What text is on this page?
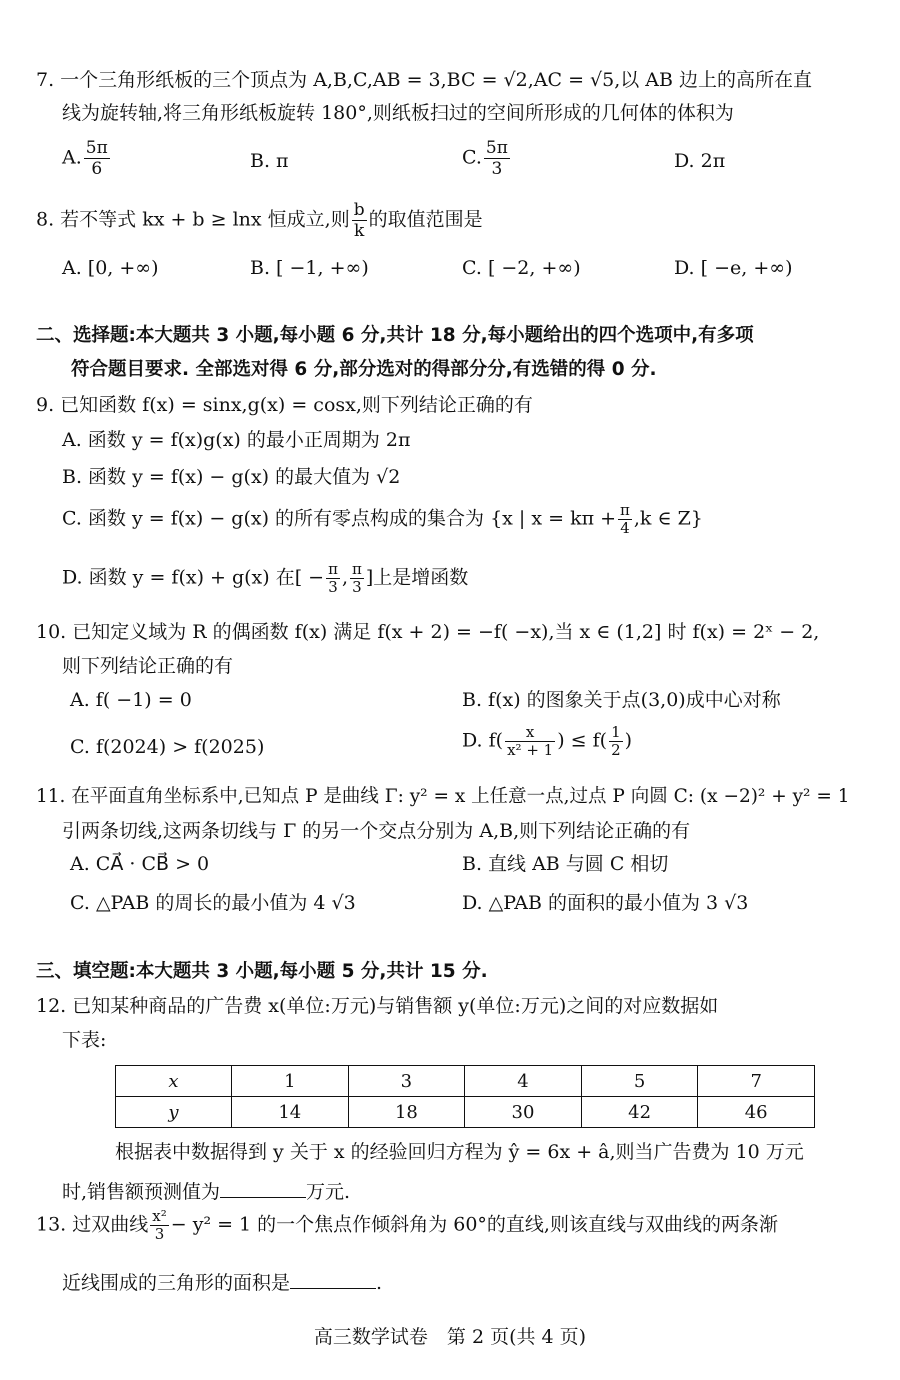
7. 一个三角形纸板的三个顶点为 A,B,C,AB = 3,BC = √2,AC = √5,以 AB 边上的高所在直
线为旋转轴,将三角形纸板旋转 180°,则纸板扫过的空间所形成的几何体的体积为
A. $\frac{5\pi}{6}$	B. π	C. $\frac{5\pi}{3}$	D. 2π
8. 若不等式 kx + b ≥ lnx 恒成立,则 $\frac{b}{k}$ 的取值范围是
A. [0, +∞)	B. [ −1, +∞)	C. [ −2, +∞)	D. [ −e, +∞)
二、选择题:本大题共 3 小题,每小题 6 分,共计 18 分,每小题给出的四个选项中,有多项
符合题目要求. 全部选对得 6 分,部分选对的得部分分,有选错的得 0 分.
9. 已知函数 f(x) = sinx,g(x) = cosx,则下列结论正确的有
A. 函数 y = f(x)g(x) 的最小正周期为 2π
B. 函数 y = f(x) − g(x) 的最大值为 √2
C. 函数 y = f(x) − g(x) 的所有零点构成的集合为 {x | $x = k\pi + \frac{\pi}{4} ,k$ ∈ Z}
D. 函数 y = f(x) + g(x) 在[ − $\frac{\pi}{3}$ , $\frac{\pi}{3}$ ]上是增函数
10. 已知定义域为 R 的偶函数 f(x) 满足 f(x + 2) = −f( −x),当 x ∈ (1,2] 时 f(x) = 2ˣ − 2,
则下列结论正确的有
A. f( −1) = 0	B. f(x) 的图象关于点(3,0)成中心对称
C. f(2024) > f(2025)	D. $f( \frac{x}{\text{x² + 1}}$ ) ≤ $f( \frac{1}{2}$ )
11. 在平面直角坐标系中,已知点 P 是曲线 Γ: y² = x 上任意一点,过点 P 向圆 C: (x −2)² + y² = 1
引两条切线,这两条切线与 Γ 的另一个交点分别为 A,B,则下列结论正确的有
A. CA⃗ · CB⃗ > 0	B. 直线 AB 与圆 C 相切
C. △PAB 的周长的最小值为 4 √3	D. △PAB 的面积的最小值为 3 √3
三、填空题:本大题共 3 小题,每小题 5 分,共计 15 分.
12. 已知某种商品的广告费 x(单位:万元)与销售额 y(单位:万元)之间的对应数据如
下表:
x	1	3	4	5	7
y	14	18	30	42	46
根据表中数据得到 y 关于 x 的经验回归方程为 ŷ = 6x + â,则当广告费为 10 万元
时,销售额预测值为	万元.
13. 过双曲线 $\frac{\text{x²}}{3} - y^2 = 1$ 的一个焦点作倾斜角为 60°的直线,则该直线与双曲线的两条渐
近线围成的三角形的面积是	.
高三数学试卷　第 2 页(共 4 页)
